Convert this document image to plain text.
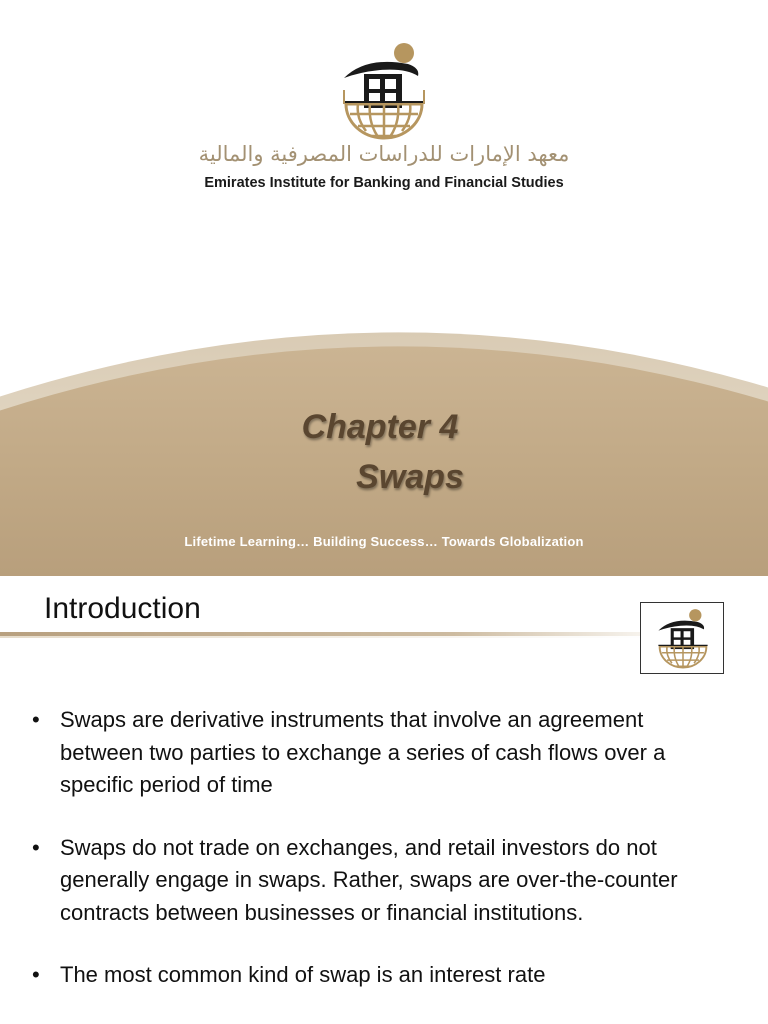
معهد الإمارات للدراسات المصرفية والمالية
Emirates Institute for Banking and Financial Studies
Chapter 4
Swaps
Lifetime Learning… Building Success… Towards Globalization
Introduction
• Swaps are derivative instruments that involve an agreement between two parties to exchange a series of cash flows over a specific period of time
• Swaps do not trade on exchanges, and retail investors do not generally engage in swaps. Rather, swaps are over-the-counter contracts between businesses or financial institutions.
• The most common kind of swap is an interest rate
